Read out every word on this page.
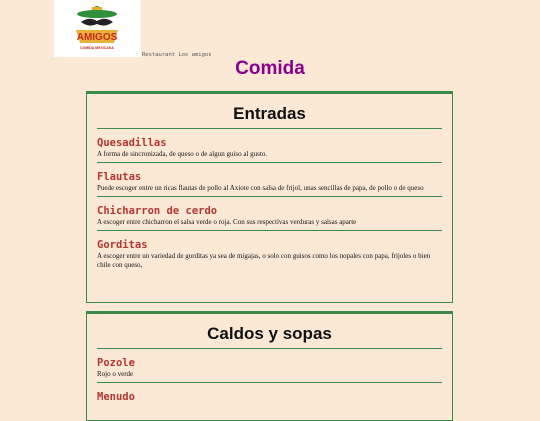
AMIGOS
COMIDA MEXICANA
Restaurant Los amigos
Comida
Entradas
Quesadillas
A forma de sincronizada, de queso o de algun guiso al gusto.
Flautas
Puede escoger entre un ricas flautas de pollo al Axiote con salsa de frijol, unas sencillas de papa, de pollo o de queso
Chicharron de cerdo
A escoger entre chicharron el salsa verde o roja. Con sus respectivas verduras y salsas aparte
Gorditas
A escoger entre un variedad de gorditas ya sea de migajas, o solo con guisos como los nopales con papa, frijoles o bien chile con queso,
Caldos y sopas
Pozole
Rojo o verde
Menudo
